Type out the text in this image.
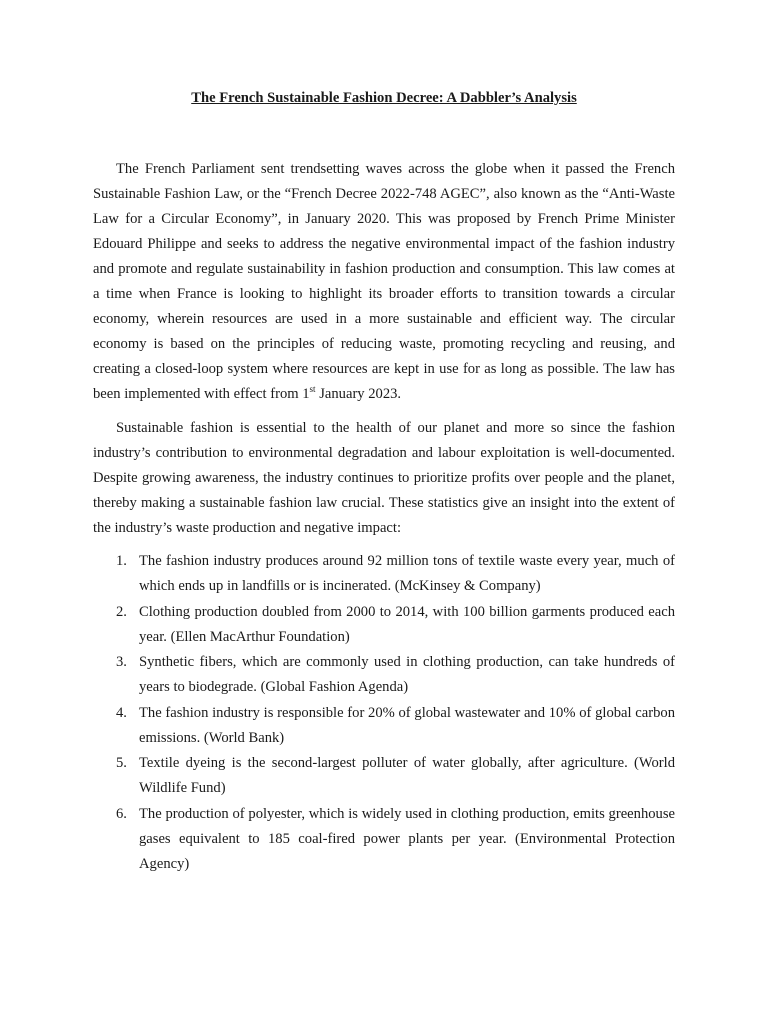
The French Sustainable Fashion Decree: A Dabbler’s Analysis

The French Parliament sent trendsetting waves across the globe when it passed the French Sustainable Fashion Law, or the “French Decree 2022-748 AGEC”, also known as the “Anti-Waste Law for a Circular Economy”, in January 2020. This was proposed by French Prime Minister Edouard Philippe and seeks to address the negative environmental impact of the fashion industry and promote and regulate sustainability in fashion production and consumption. This law comes at a time when France is looking to highlight its broader efforts to transition towards a circular economy, wherein resources are used in a more sustainable and efficient way. The circular economy is based on the principles of reducing waste, promoting recycling and reusing, and creating a closed-loop system where resources are kept in use for as long as possible. The law has been implemented with effect from 1st January 2023.

Sustainable fashion is essential to the health of our planet and more so since the fashion industry’s contribution to environmental degradation and labour exploitation is well-documented. Despite growing awareness, the industry continues to prioritize profits over people and the planet, thereby making a sustainable fashion law crucial. These statistics give an insight into the extent of the industry’s waste production and negative impact:

1. The fashion industry produces around 92 million tons of textile waste every year, much of which ends up in landfills or is incinerated. (McKinsey & Company)
2. Clothing production doubled from 2000 to 2014, with 100 billion garments produced each year. (Ellen MacArthur Foundation)
3. Synthetic fibers, which are commonly used in clothing production, can take hundreds of years to biodegrade. (Global Fashion Agenda)
4. The fashion industry is responsible for 20% of global wastewater and 10% of global carbon emissions. (World Bank)
5. Textile dyeing is the second-largest polluter of water globally, after agriculture. (World Wildlife Fund)
6. The production of polyester, which is widely used in clothing production, emits greenhouse gases equivalent to 185 coal-fired power plants per year. (Environmental Protection Agency)
